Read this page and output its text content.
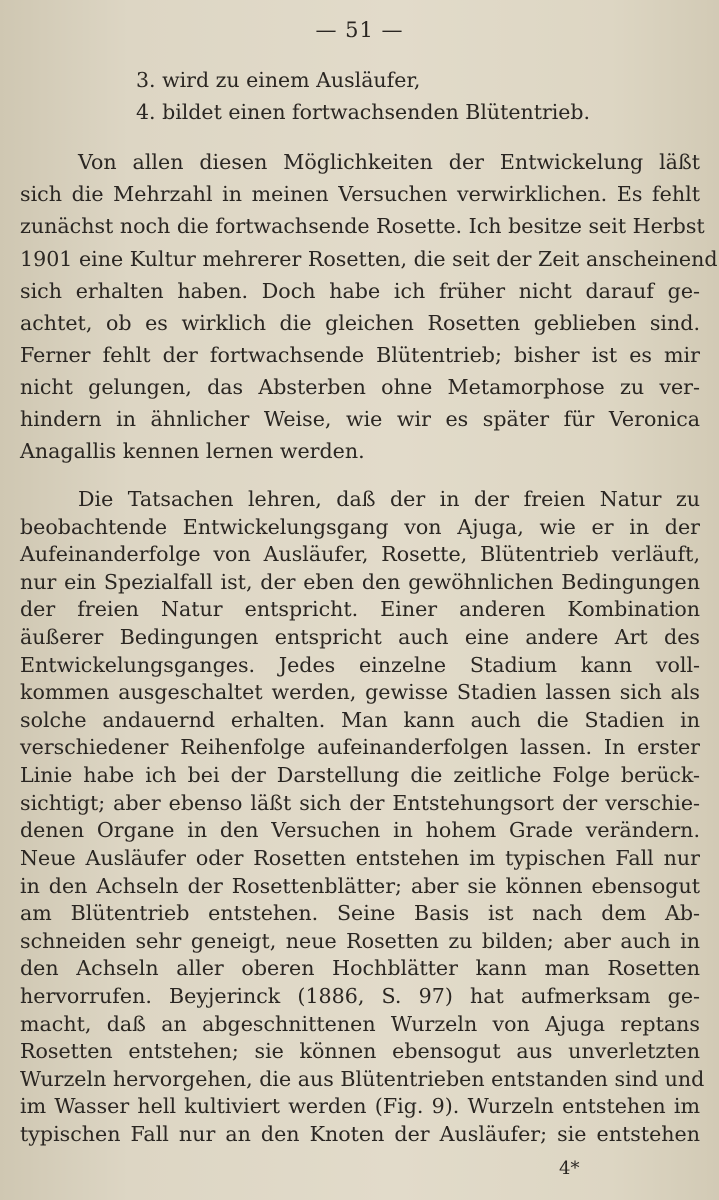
— 51 —
3. wird zu einem Ausläufer,
4. bildet einen fortwachsenden Blütentrieb.
Von allen diesen Möglichkeiten der Entwickelung läßt
sich die Mehrzahl in meinen Versuchen verwirklichen. Es fehlt
zunächst noch die fortwachsende Rosette. Ich besitze seit Herbst
1901 eine Kultur mehrerer Rosetten, die seit der Zeit anscheinend
sich erhalten haben. Doch habe ich früher nicht darauf ge-
achtet, ob es wirklich die gleichen Rosetten geblieben sind.
Ferner fehlt der fortwachsende Blütentrieb; bisher ist es mir
nicht gelungen, das Absterben ohne Metamorphose zu ver-
hindern in ähnlicher Weise, wie wir es später für Veronica
Anagallis kennen lernen werden.
Die Tatsachen lehren, daß der in der freien Natur zu
beobachtende Entwickelungsgang von Ajuga, wie er in der
Aufeinanderfolge von Ausläufer, Rosette, Blütentrieb verläuft,
nur ein Spezialfall ist, der eben den gewöhnlichen Bedingungen
der freien Natur entspricht. Einer anderen Kombination
äußerer Bedingungen entspricht auch eine andere Art des
Entwickelungsganges. Jedes einzelne Stadium kann voll-
kommen ausgeschaltet werden, gewisse Stadien lassen sich als
solche andauernd erhalten. Man kann auch die Stadien in
verschiedener Reihenfolge aufeinanderfolgen lassen. In erster
Linie habe ich bei der Darstellung die zeitliche Folge berück-
sichtigt; aber ebenso läßt sich der Entstehungsort der verschie-
denen Organe in den Versuchen in hohem Grade verändern.
Neue Ausläufer oder Rosetten entstehen im typischen Fall nur
in den Achseln der Rosettenblätter; aber sie können ebensogut
am Blütentrieb entstehen. Seine Basis ist nach dem Ab-
schneiden sehr geneigt, neue Rosetten zu bilden; aber auch in
den Achseln aller oberen Hochblätter kann man Rosetten
hervorrufen. Beyjerinck (1886, S. 97) hat aufmerksam ge-
macht, daß an abgeschnittenen Wurzeln von Ajuga reptans
Rosetten entstehen; sie können ebensogut aus unverletzten
Wurzeln hervorgehen, die aus Blütentrieben entstanden sind und
im Wasser hell kultiviert werden (Fig. 9). Wurzeln entstehen im
typischen Fall nur an den Knoten der Ausläufer; sie entstehen
4*
